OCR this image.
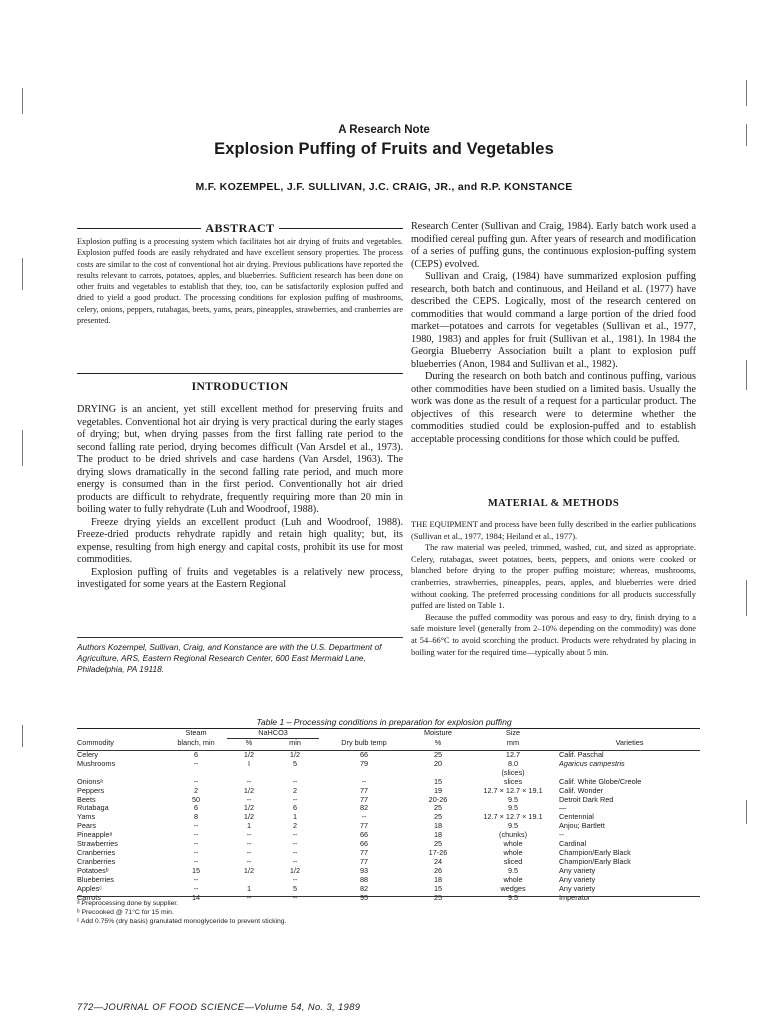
A Research Note
Explosion Puffing of Fruits and Vegetables
M.F. KOZEMPEL, J.F. SULLIVAN, J.C. CRAIG, JR., and R.P. KONSTANCE
ABSTRACT
Explosion puffing is a processing system which facilitates hot air drying of fruits and vegetables. Explosion puffed foods are easily rehydrated and have excellent sensory properties. The process costs are similar to the cost of conventional hot air drying. Previous publications have reported the results relevant to carrots, potatoes, apples, and blueberries. Sufficient research has been done on other fruits and vegetables to establish that they, too, can be satisfactorily explosion puffed and dried to yield a good product. The processing conditions for explosion puffing of mushrooms, celery, onions, peppers, rutabagas, beets, yams, pears, pineapples, strawberries, and cranberries are presented.
INTRODUCTION

DRYING is an ancient, yet still excellent method for preserving fruits and vegetables. Conventional hot air drying is very practical during the early stages of drying; but, when drying passes from the first falling rate period to the second falling rate period, drying becomes difficult (Van Arsdel et al., 1973). The product to be dried shrivels and case hardens (Van Arsdel, 1963). The drying slows dramatically in the second falling rate period, and much more energy is consumed than in the first period. Conventionally hot air dried products are difficult to rehydrate, frequently requiring more than 20 min in boiling water to fully rehydrate (Luh and Woodroof, 1988).

Freeze drying yields an excellent product (Luh and Woodroof, 1988). Freeze-dried products rehydrate rapidly and retain high quality; but, its expense, resulting from high energy and capital costs, prohibit its use for most commodities.

Explosion puffing of fruits and vegetables is a relatively new process, investigated for some years at the Eastern Regional

Authors Kozempel, Sullivan, Craig, and Konstance are with the U.S. Department of Agriculture, ARS, Eastern Regional Research Center, 600 East Mermaid Lane, Philadelphia, PA 19118.

Research Center (Sullivan and Craig, 1984). Early batch work used a modified cereal puffing gun. After years of research and modification of a series of puffing guns, the continuous explosion-puffing system (CEPS) evolved.

Sullivan and Craig, (1984) have summarized explosion puffing research, both batch and continuous, and Heiland et al. (1977) have described the CEPS. Logically, most of the research centered on commodities that would command a large portion of the dried food market—potatoes and carrots for vegetables (Sullivan et al., 1977, 1980, 1983) and apples for fruit (Sullivan et al., 1981). In 1984 the Georgia Blueberry Association built a plant to explosion puff blueberries (Anon, 1984 and Sullivan et al., 1982).

During the research on both batch and continous puffing, various other commodities have been studied on a limited basis. Usually the work was done as the result of a request for a particular product. The objectives of this research were to determine whether the commodities studied could be explosion-puffed and to establish acceptable processing conditions for those which could be puffed.

MATERIAL & METHODS

THE EQUIPMENT and process have been fully described in the earlier publications (Sullivan et al., 1977, 1984; Heiland et al., 1977).

The raw material was peeled, trimmed, washed, cut, and sized as appropriate. Celery, rutabagas, sweet potatoes, beets, peppers, and onions were cooked or blanched before drying to the proper puffing moisture; whereas, mushrooms, cranberries, strawberries, pineapples, pears, apples, and blueberries were dried without cooking. The preferred processing conditions for all products successfully puffed are listed on Table 1.

Because the puffed commodity was porous and easy to dry, finish drying to a safe moisture level (generally from 2–10% depending on the commodity) was done at 54–66°C to avoid scorching the product. Products were rehydrated by placing in boiling water for the required time—typically about 5 min.

Table 1 – Processing conditions in preparation for explosion puffing
	Steam	NaHCO3			Moisture	Size	
Commodity	blanch, min	%	min	Dry bulb temp	%	mm	Varieties
Celery	6	1/2	1/2	66	25	12.7	Calif. Paschal
Mushrooms	--	I	5	79	20	8.0	Agaricus campestris
						(slices)	
Onionsᵃ	--	--	--	--	15	slices	Calif. White Globe/Creole
Peppers	2	1/2	2	77	19	12.7 × 12.7 × 19.1	Calif. Wonder
Beets	50	--	--	77	20-26	9.5	Detroit Dark Red
Rutabaga	6	1/2	6	82	25	9.5	—
Yams	8	1/2	1	--	25	12.7 × 12.7 × 19.1	Centennial
Pears	--	1	2	77	18	9.5	Anjou; Bartlett
Pineappleᵃ	--	--	--	66	18	(chunks)	--
Strawberries	--	--	--	66	25	whole	Cardinal
Cranberries	--	--	--	77	17-26	whole	Champion/Early Black
Cranberries	--	--	--	77	24	sliced	Champion/Early Black
Potatoesᵇ	15	1/2	1/2	93	26	9.5	Any variety
Blueberries	--		--	88	18	whole	Any variety
Applesᶜ	--	1	5	82	15	wedges	Any variety
Carrots	14	--	--	95	25	9.5	Imperator
ᵃ Preprocessing done by supplier.
ᵇ Precooked @ 71°C for 15 min.
ᶜ Add 0.75% (dry basis) granulated monoglyceride to prevent sticking.
772—JOURNAL OF FOOD SCIENCE—Volume 54, No. 3, 1989
